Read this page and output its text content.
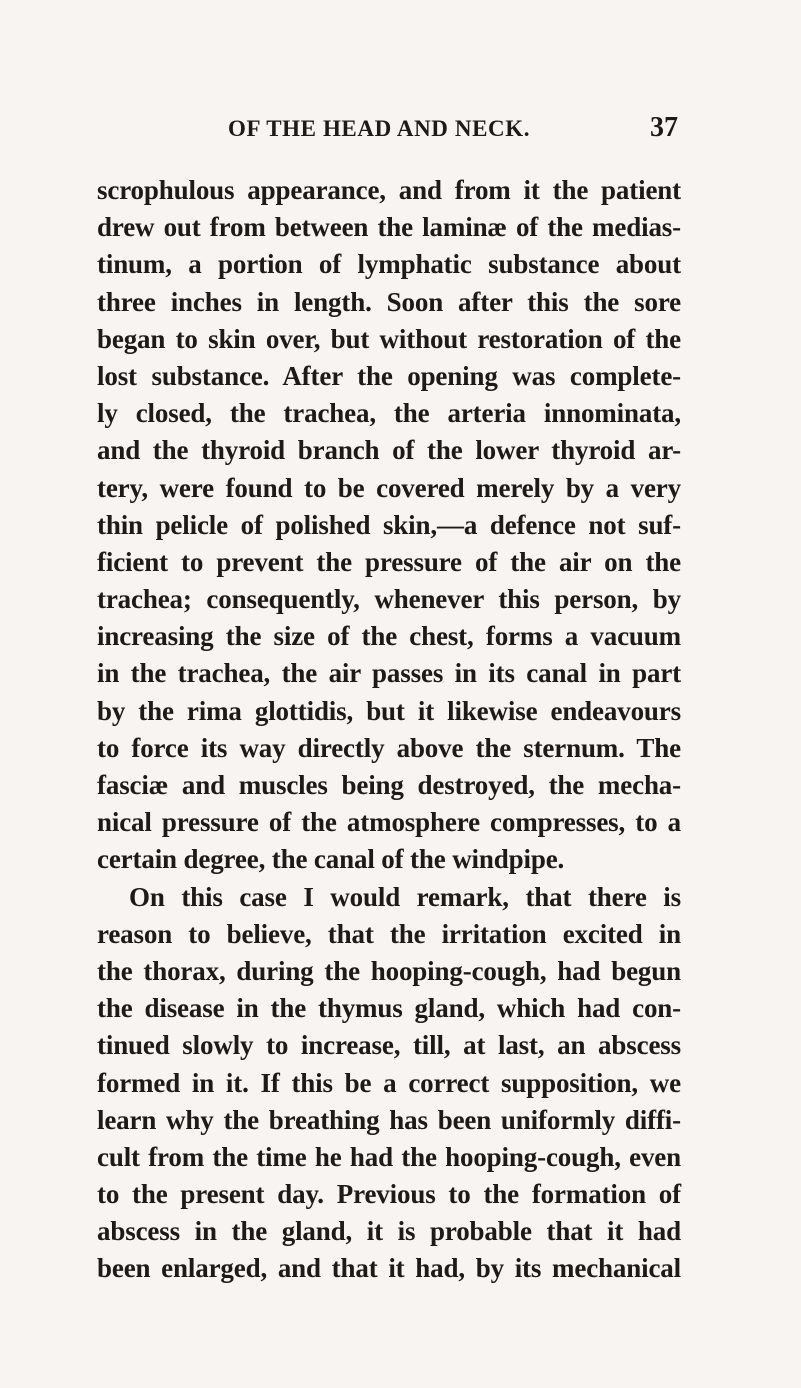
OF THE HEAD AND NECK.	37
scrophulous appearance, and from it the patient
drew out from between the laminæ of the medias-
tinum, a portion of lymphatic substance about
three inches in length. Soon after this the sore
began to skin over, but without restoration of the
lost substance. After the opening was complete-
ly closed, the trachea, the arteria innominata,
and the thyroid branch of the lower thyroid ar-
tery, were found to be covered merely by a very
thin pelicle of polished skin,—a defence not suf-
ficient to prevent the pressure of the air on the
trachea; consequently, whenever this person, by
increasing the size of the chest, forms a vacuum
in the trachea, the air passes in its canal in part
by the rima glottidis, but it likewise endeavours
to force its way directly above the sternum. The
fasciæ and muscles being destroyed, the mecha-
nical pressure of the atmosphere compresses, to a
certain degree, the canal of the windpipe.
On this case I would remark, that there is
reason to believe, that the irritation excited in
the thorax, during the hooping-cough, had begun
the disease in the thymus gland, which had con-
tinued slowly to increase, till, at last, an abscess
formed in it. If this be a correct supposition, we
learn why the breathing has been uniformly diffi-
cult from the time he had the hooping-cough, even
to the present day. Previous to the formation of
abscess in the gland, it is probable that it had
been enlarged, and that it had, by its mechanical
